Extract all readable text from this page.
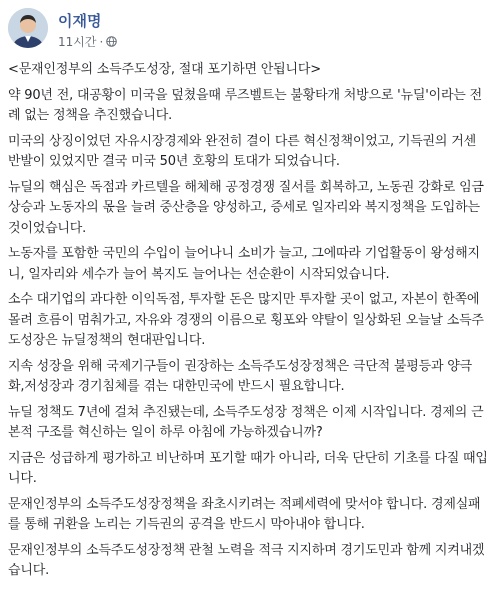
이재명
11시간 ·

<문재인정부의 소득주도성장, 절대 포기하면 안됩니다>

약 90년 전, 대공황이 미국을 덮쳤을때 루즈벨트는 불황타개 처방으로 '뉴딜'이라는 전례 없는 정책을 추진했습니다.

미국의 상징이었던 자유시장경제와 완전히 결이 다른 혁신정책이었고, 기득권의 거센 반발이 있었지만 결국 미국 50년 호황의 토대가 되었습니다.

뉴딜의 핵심은 독점과 카르텔을 해체해 공정경쟁 질서를 회복하고, 노동권 강화로 임금상승과 노동자의 몫을 늘려 중산층을 양성하고, 증세로 일자리와 복지정책을 도입하는 것이었습니다.

노동자를 포함한 국민의 수입이 늘어나니 소비가 늘고, 그에따라 기업활동이 왕성해지니, 일자리와 세수가 늘어 복지도 늘어나는 선순환이 시작되었습니다.

소수 대기업의 과다한 이익독점, 투자할 돈은 많지만 투자할 곳이 없고, 자본이 한쪽에 몰려 흐름이 멈춰가고, 자유와 경쟁의 이름으로 횡포와 약탈이 일상화된 오늘날 소득주도성장은 뉴딜정책의 현대판입니다.

지속 성장을 위해 국제기구들이 권장하는 소득주도성장정책은 극단적 불평등과 양극화,저성장과 경기침체를 겪는 대한민국에 반드시 필요합니다.

뉴딜 정책도 7년에 걸쳐 추진됐는데, 소득주도성장 정책은 이제 시작입니다. 경제의 근본적 구조를 혁신하는 일이 하루 아침에 가능하겠습니까?

지금은 성급하게 평가하고 비난하며 포기할 때가 아니라, 더욱 단단히 기초를 다질 때입니다.

문재인정부의 소득주도성장정책을 좌초시키려는 적폐세력에 맞서야 합니다. 경제실패를 통해 귀환을 노리는 기득권의 공격을 반드시 막아내야 합니다.

문재인정부의 소득주도성장정책 관철 노력을 적극 지지하며 경기도민과 함께 지켜내겠습니다.
